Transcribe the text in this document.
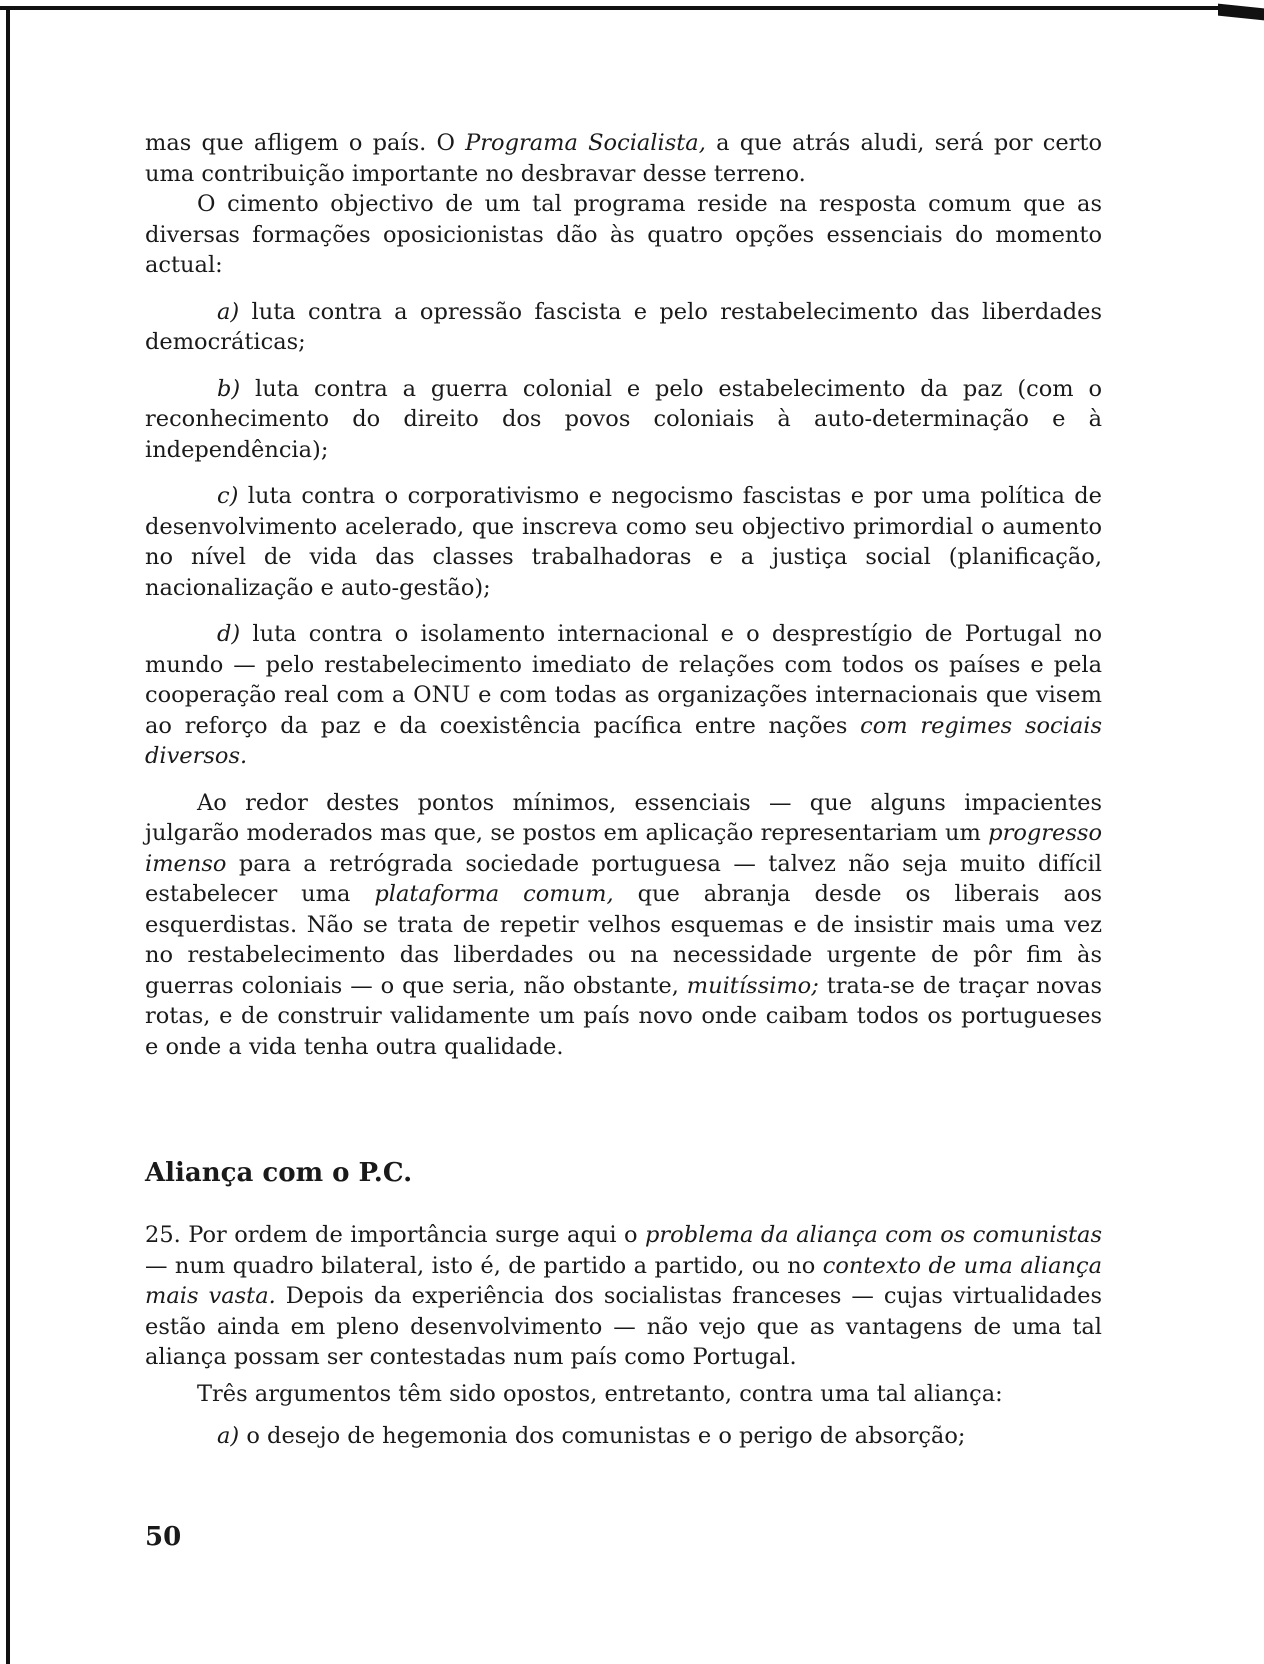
mas que afligem o país. O Programa Socialista, a que atrás aludi, será por certo uma contribuição importante no desbravar desse terreno.

O cimento objectivo de um tal programa reside na resposta comum que as diversas formações oposicionistas dão às quatro opções essenciais do momento actual:

a) luta contra a opressão fascista e pelo restabelecimento das liberdades democráticas;

b) luta contra a guerra colonial e pelo estabelecimento da paz (com o reconhecimento do direito dos povos coloniais à auto-determinação e à independência);

c) luta contra o corporativismo e negocismo fascistas e por uma política de desenvolvimento acelerado, que inscreva como seu objectivo primordial o aumento no nível de vida das classes trabalhadoras e a justiça social (planificação, nacionalização e auto-gestão);

d) luta contra o isolamento internacional e o desprestígio de Portugal no mundo — pelo restabelecimento imediato de relações com todos os países e pela cooperação real com a ONU e com todas as organizações internacionais que visem ao reforço da paz e da coexistência pacífica entre nações com regimes sociais diversos.

Ao redor destes pontos mínimos, essenciais — que alguns impacientes julgarão moderados mas que, se postos em aplicação representariam um progresso imenso para a retrógrada sociedade portuguesa — talvez não seja muito difícil estabelecer uma plataforma comum, que abranja desde os liberais aos esquerdistas. Não se trata de repetir velhos esquemas e de insistir mais uma vez no restabelecimento das liberdades ou na necessidade urgente de pôr fim às guerras coloniais — o que seria, não obstante, muitíssimo; trata-se de traçar novas rotas, e de construir validamente um país novo onde caibam todos os portugueses e onde a vida tenha outra qualidade.

Aliança com o P.C.

25. Por ordem de importância surge aqui o problema da aliança com os comunistas — num quadro bilateral, isto é, de partido a partido, ou no contexto de uma aliança mais vasta. Depois da experiência dos socialistas franceses — cujas virtualidades estão ainda em pleno desenvolvimento — não vejo que as vantagens de uma tal aliança possam ser contestadas num país como Portugal.

Três argumentos têm sido opostos, entretanto, contra uma tal aliança:

a) o desejo de hegemonia dos comunistas e o perigo de absorção;

50
